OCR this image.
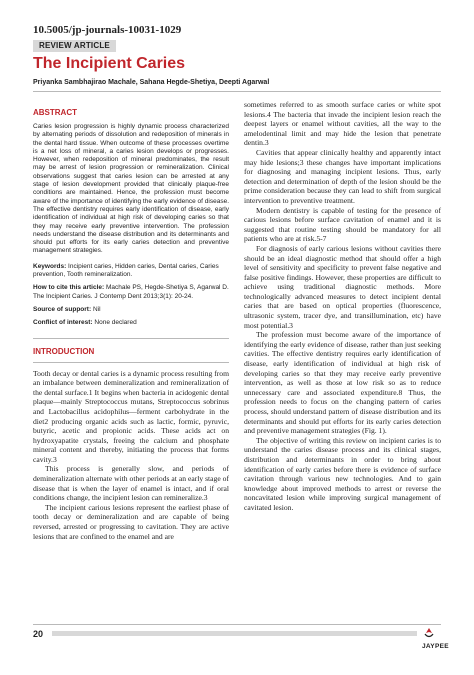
10.5005/jp-journals-10031-1029
REVIEW ARTICLE
The Incipient Caries
Priyanka Sambhajirao Machale, Sahana Hegde-Shetiya, Deepti Agarwal
ABSTRACT

Caries lesion progression is highly dynamic process characterized by alternating periods of dissolution and redeposition of minerals in the dental hard tissue. When outcome of these processes overtime is a net loss of mineral, a caries lesion develops or progresses. However, when redeposition of mineral predominates, the result may be arrest of lesion progression or remineralization. Clinical observations suggest that caries lesion can be arrested at any stage of lesion development provided that clinically plaque-free conditions are maintained. Hence, the profession must become aware of the importance of identifying the early evidence of disease. The effective dentistry requires early identification of disease, early identification of individual at high risk of developing caries so that they may receive early preventive intervention. The profession needs understand the disease distribution and its determinants and should put efforts for its early caries detection and preventive management strategies.

Keywords: Incipient caries, Hidden caries, Dental caries, Caries prevention, Tooth remineralization.

How to cite this article: Machale PS, Hegde-Shetiya S, Agarwal D. The Incipient Caries. J Contemp Dent 2013;3(1): 20-24.

Source of support: Nil

Conflict of interest: None declared

INTRODUCTION

Tooth decay or dental caries is a dynamic process resulting from an imbalance between demineralization and remineralization of the dental surface.1 It begins when bacteria in acidogenic dental plaque—mainly Streptococcus mutans, Streptococcus sobrinus and Lactobacillus acidophilus—ferment carbohydrate in the diet2 producing organic acids such as lactic, formic, pyruvic, butyric, acetic and propionic acids. These acids act on hydroxyapatite crystals, freeing the calcium and phosphate mineral content and thereby, initiating the process that forms cavity.3

This process is generally slow, and periods of demineralization alternate with other periods at an early stage of disease that is when the layer of enamel is intact, and if oral conditions change, the incipient lesion can remineralize.3

The incipient carious lesions represent the earliest phase of tooth decay or demineralization and are capable of being reversed, arrested or progressing to cavitation. They are active lesions that are confined to the enamel and are

sometimes referred to as smooth surface caries or white spot lesions.4 The bacteria that invade the incipient lesion reach the deepest layers or enamel without cavities, all the way to the amelodentinal limit and may hide the lesion that penetrate dentin.3

Cavities that appear clinically healthy and apparently intact may hide lesions;3 these changes have important implications for diagnosing and managing incipient lesions. Thus, early detection and determination of depth of the lesion should be the prime consideration because they can lead to shift from surgical intervention to preventive treatment.

Modern dentistry is capable of testing for the presence of carious lesions before surface cavitation of enamel and it is suggested that routine testing should be mandatory for all patients who are at risk.5-7

For diagnosis of early carious lesions without cavities there should be an ideal diagnostic method that should offer a high level of sensitivity and specificity to prevent false negative and false positive findings. However, these properties are difficult to achieve using traditional diagnostic methods. More technologically advanced measures to detect incipient dental caries that are based on optical properties (fluorescence, ultrasonic system, tracer dye, and transillumination, etc) have most potential.3

The profession must become aware of the importance of identifying the early evidence of disease, rather than just seeking cavities. The effective dentistry requires early identification of disease, early identification of individual at high risk of developing caries so that they may receive early preventive intervention, as well as those at low risk so as to reduce unnecessary care and associated expenditure.8 Thus, the profession needs to focus on the changing pattern of caries process, should understand pattern of disease distribution and its determinants and should put efforts for its early caries detection and preventive management strategies (Fig. 1).

The objective of writing this review on incipient caries is to understand the caries disease process and its clinical stages, distribution and determinants in order to bring about identification of early caries before there is evidence of surface cavitation through various new technologies. And to gain knowledge about improved methods to arrest or reverse the noncavitated lesion while improving surgical management of cavitated lesion.

20
JAYPEE
